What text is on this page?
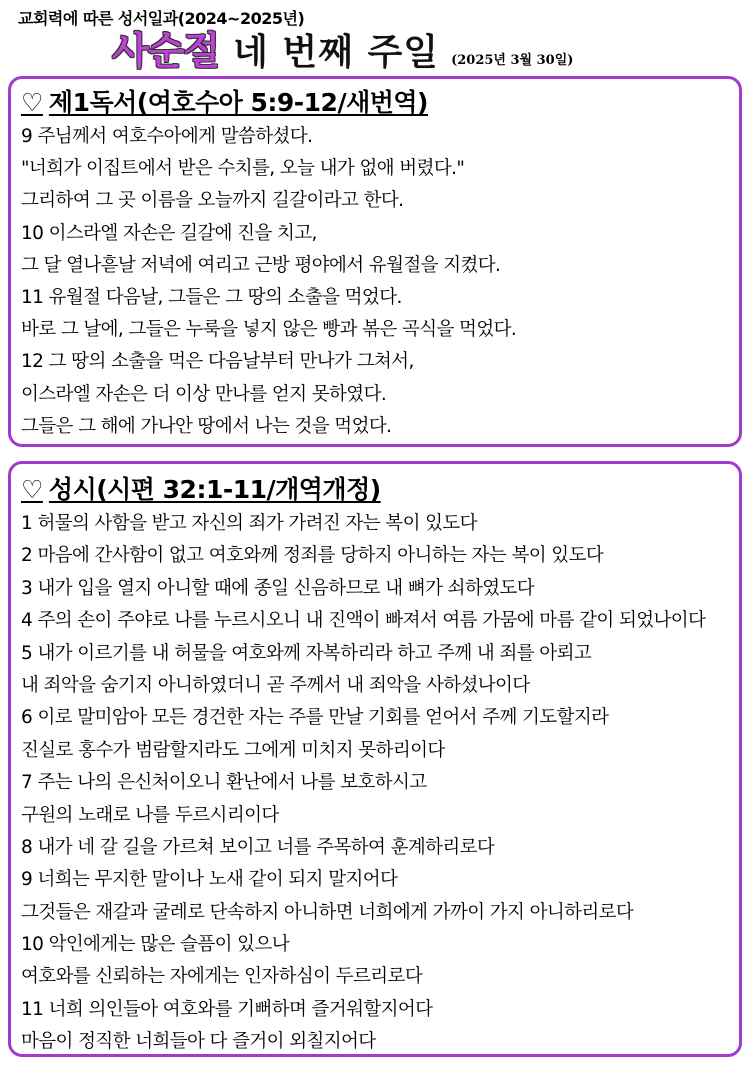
교회력에 따른 성서일과(2024~2025년)
사순절 네 번째 주일 (2025년 3월 30일)
♡ 제1독서(여호수아 5:9-12/새번역)
9 주님께서 여호수아에게 말씀하셨다.
"너희가 이집트에서 받은 수치를, 오늘 내가 없애 버렸다."
그리하여 그 곳 이름을 오늘까지 길갈이라고 한다.
10 이스라엘 자손은 길갈에 진을 치고,
그 달 열나흗날 저녁에 여리고 근방 평야에서 유월절을 지켰다.
11 유월절 다음날, 그들은 그 땅의 소출을 먹었다.
바로 그 날에, 그들은 누룩을 넣지 않은 빵과 볶은 곡식을 먹었다.
12 그 땅의 소출을 먹은 다음날부터 만나가 그쳐서,
이스라엘 자손은 더 이상 만나를 얻지 못하였다.
그들은 그 해에 가나안 땅에서 나는 것을 먹었다.
♡ 성시(시편 32:1-11/개역개정)
1 허물의 사함을 받고 자신의 죄가 가려진 자는 복이 있도다
2 마음에 간사함이 없고 여호와께 정죄를 당하지 아니하는 자는 복이 있도다
3 내가 입을 열지 아니할 때에 종일 신음하므로 내 뼈가 쇠하였도다
4 주의 손이 주야로 나를 누르시오니 내 진액이 빠져서 여름 가뭄에 마름 같이 되었나이다
5 내가 이르기를 내 허물을 여호와께 자복하리라 하고 주께 내 죄를 아뢰고
내 죄악을 숨기지 아니하였더니 곧 주께서 내 죄악을 사하셨나이다
6 이로 말미암아 모든 경건한 자는 주를 만날 기회를 얻어서 주께 기도할지라
진실로 홍수가 범람할지라도 그에게 미치지 못하리이다
7 주는 나의 은신처이오니 환난에서 나를 보호하시고
구원의 노래로 나를 두르시리이다
8 내가 네 갈 길을 가르쳐 보이고 너를 주목하여 훈계하리로다
9 너희는 무지한 말이나 노새 같이 되지 말지어다
그것들은 재갈과 굴레로 단속하지 아니하면 너희에게 가까이 가지 아니하리로다
10 악인에게는 많은 슬픔이 있으나
여호와를 신뢰하는 자에게는 인자하심이 두르리로다
11 너희 의인들아 여호와를 기뻐하며 즐거워할지어다
마음이 정직한 너희들아 다 즐거이 외칠지어다
